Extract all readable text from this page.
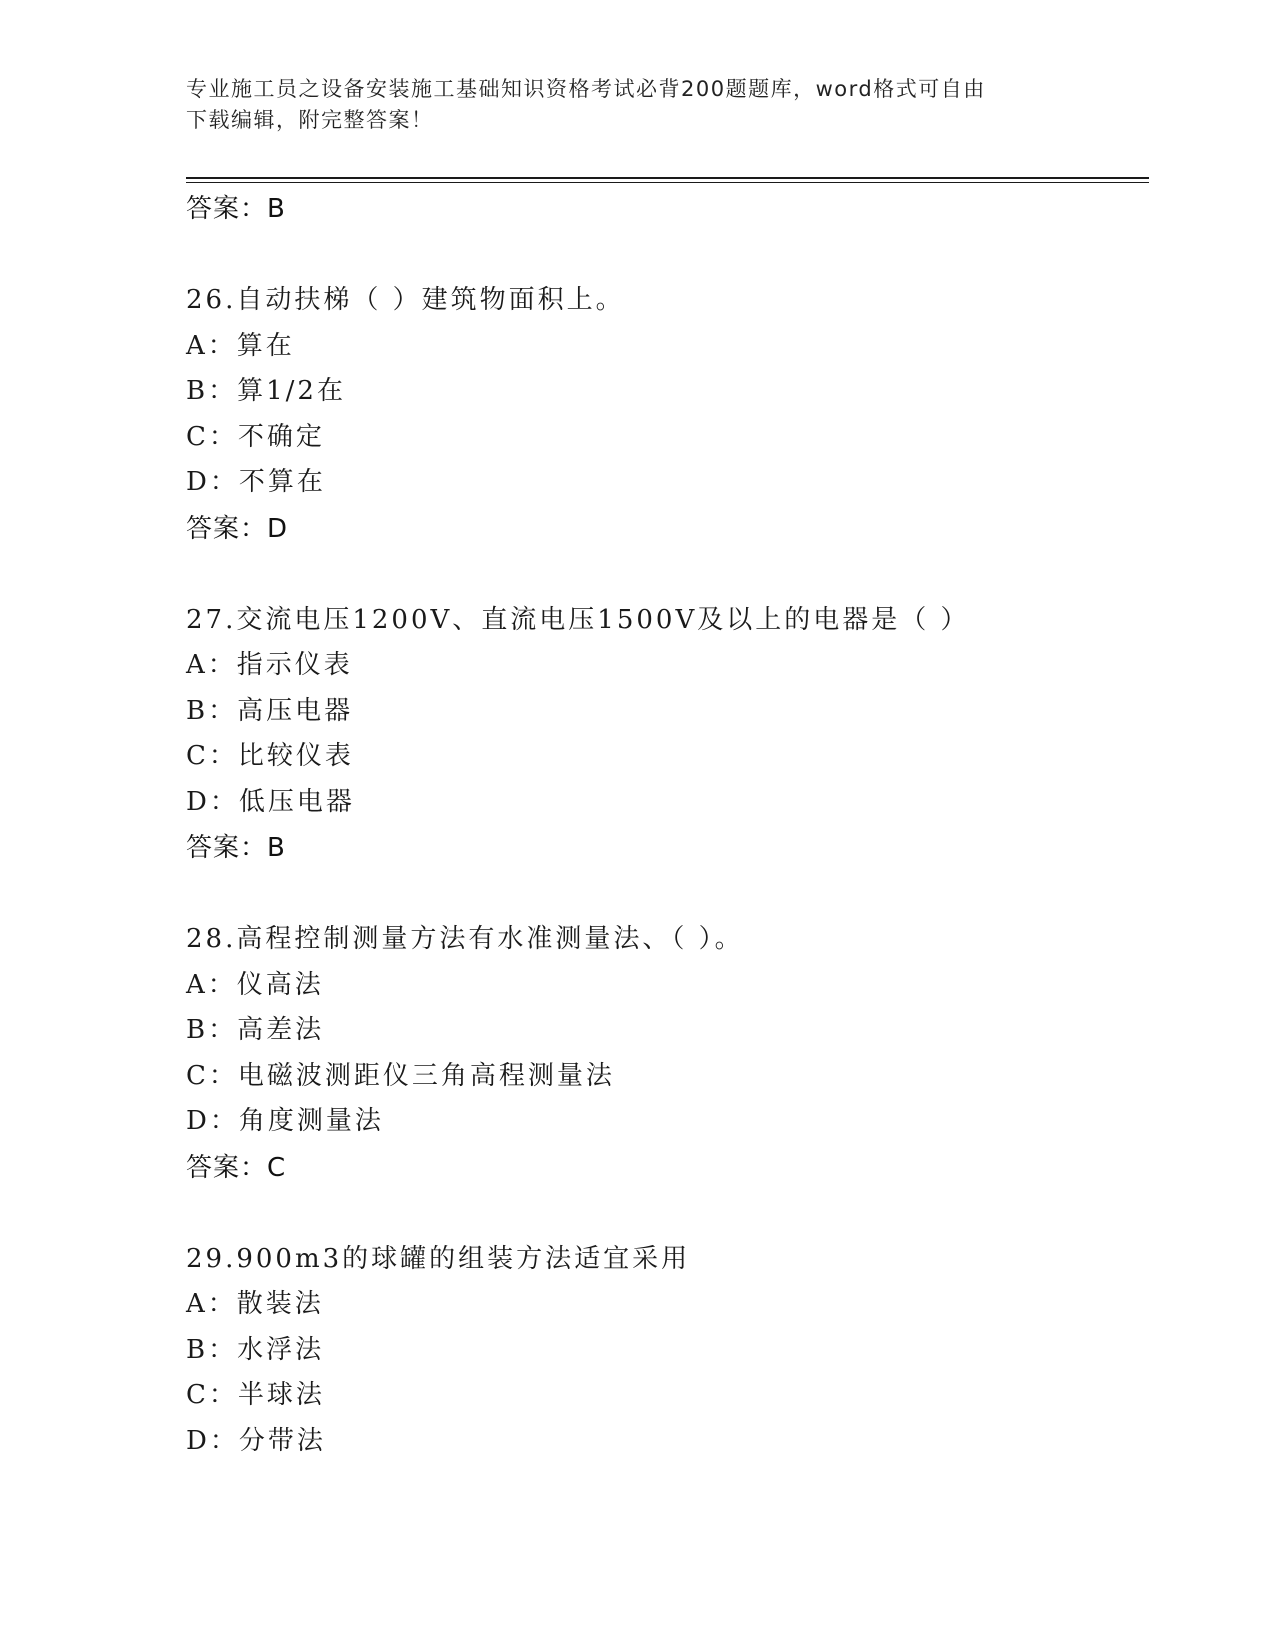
专业施工员之设备安装施工基础知识资格考试必背200题题库，word格式可自由
下载编辑，附完整答案！
答案：B
26.自动扶梯（ ）建筑物面积上。
A：算在
B：算1/2在
C：不确定
D：不算在
答案：D
27.交流电压1200V、直流电压1500V及以上的电器是（ ）
A：指示仪表
B：高压电器
C：比较仪表
D：低压电器
答案：B
28.高程控制测量方法有水准测量法、（ ）。
A：仪高法
B：高差法
C：电磁波测距仪三角高程测量法
D：角度测量法
答案：C
29.900m3的球罐的组装方法适宜采用
A：散装法
B：水浮法
C：半球法
D：分带法
